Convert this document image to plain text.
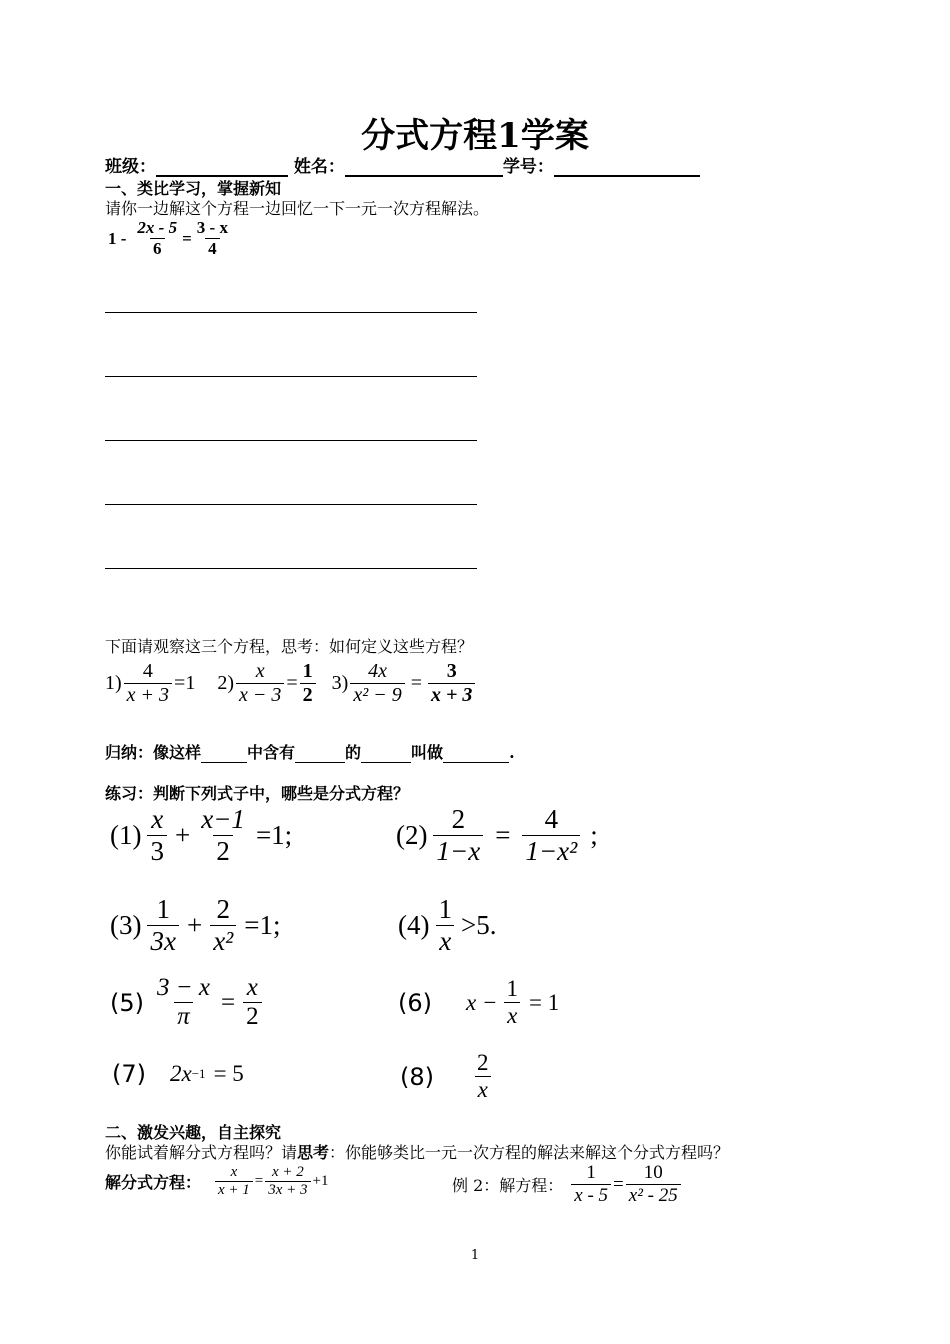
分式方程1学案
班级：	姓名：	学号：
一、类比学习，掌握新知
请你一边解这个方程一边回忆一下一元一次方程解法。
$1 - \frac{2x - 5}{6} = \frac{3 - x}{4}$
下面请观察这三个方程，思考：如何定义这些方程？
$1) \frac{4}{x + 3} =1$ $2) \frac{x}{x - 3} = \frac{1}{2} 3) \frac{4x}{\text{x² − 9}} = \frac{3}{x + 3}$
归纳：像这样	中含有	的	叫做	.
练习：判断下列式子中，哪些是分式方程？
$(1) \frac{x}{3} + \frac{x-1}{2} =1$;	$(2) \frac{2}{1-x} = \frac{4}{\text{1−x²}}$ ;
$(3) \frac{1}{3x} + \frac{2}{\text{x²}} =1$;	$(4) \frac{1}{x} >5$.
$(5) \frac{3 - x}{\pi} = \frac{x}{2}$	(6) $x - \frac{1}{x} = 1$
(7) 2x −1 = 5	$(8) \frac{2}{x}$
二、激发兴趣，自主探究
你能试着解分式方程吗？请思考：你能够类比一元一次方程的解法来解这个分式方程吗？
解分式方程： $\frac{x}{x + 1} = \frac{x + 2}{3x + 3} +1$	例 2：解方程： $\frac{1}{x - 5} = \frac{10}{\text{x² - 25}}$
1
